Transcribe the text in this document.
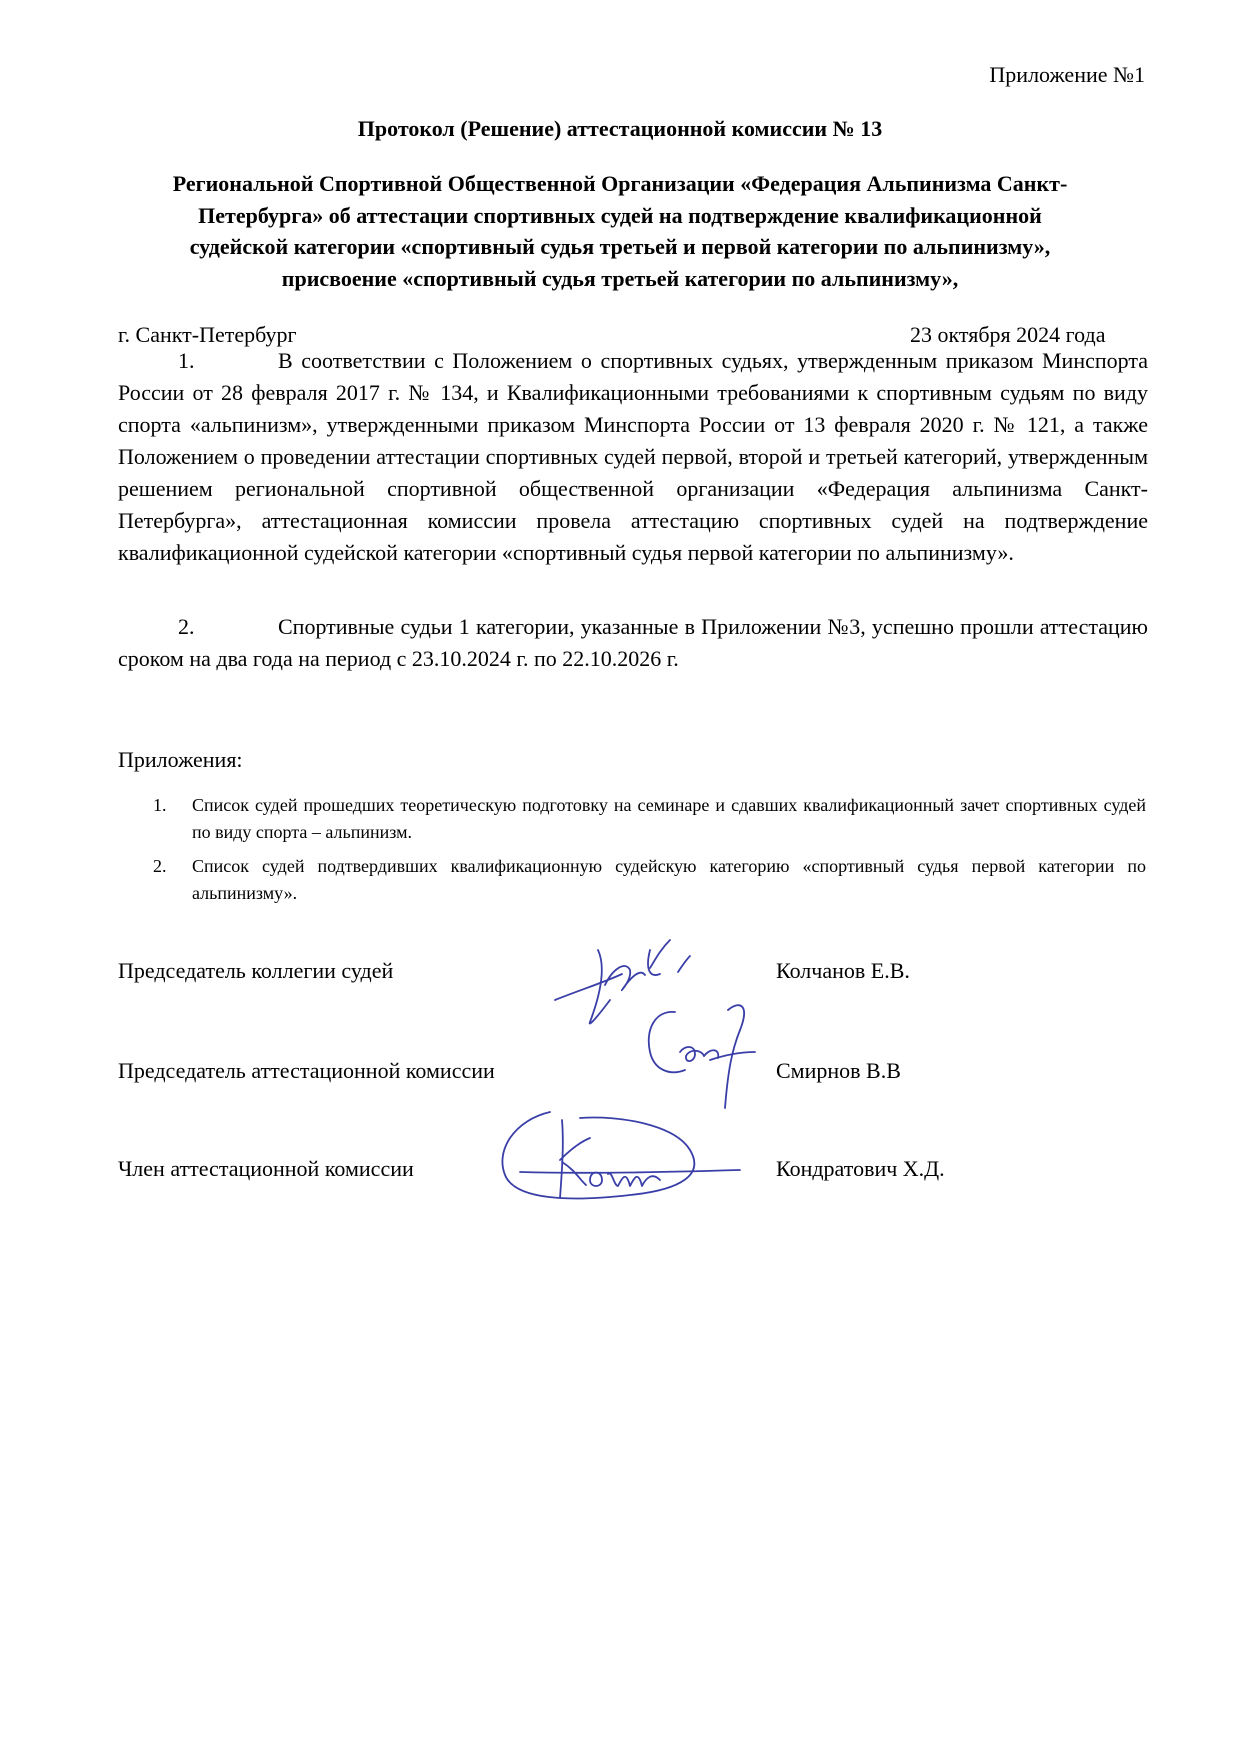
Приложение №1
Протокол (Решение) аттестационной комиссии № 13
Региональной Спортивной Общественной Организации «Федерация Альпинизма Санкт-
Петербурга» об аттестации спортивных судей на подтверждение квалификационной
судейской категории «спортивный судья третьей и первой категории по альпинизму»,
присвоение «спортивный судья третьей категории по альпинизму»,
г. Санкт-Петербург	23 октября 2024 года

1.	В соответствии с Положением о спортивных судьях, утвержденным приказом Минспорта России от 28 февраля 2017 г. № 134, и Квалификационными требованиями к спортивным судьям по виду спорта «альпинизм», утвержденными приказом Минспорта России от 13 февраля 2020 г. № 121, а также Положением о проведении аттестации спортивных судей первой, второй и третьей категорий, утвержденным решением региональной спортивной общественной организации «Федерация альпинизма Санкт-Петербурга», аттестационная комиссии провела аттестацию спортивных судей на подтверждение квалификационной судейской категории «спортивный судья первой категории по альпинизму».

2.	Спортивные судьи 1 категории, указанные в Приложении №3, успешно прошли аттестацию сроком на два года на период с 23.10.2024 г. по 22.10.2026 г.

Приложения:
1. Список судей прошедших теоретическую подготовку на семинаре и сдавших квалификационный зачет спортивных судей по виду спорта – альпинизм.
2. Список судей подтвердивших квалификационную судейскую категорию «спортивный судья первой категории по альпинизму».
Председатель коллегии судей	Колчанов Е.В.
Председатель аттестационной комиссии	Смирнов В.В
Член аттестационной комиссии	Кондратович Х.Д.
